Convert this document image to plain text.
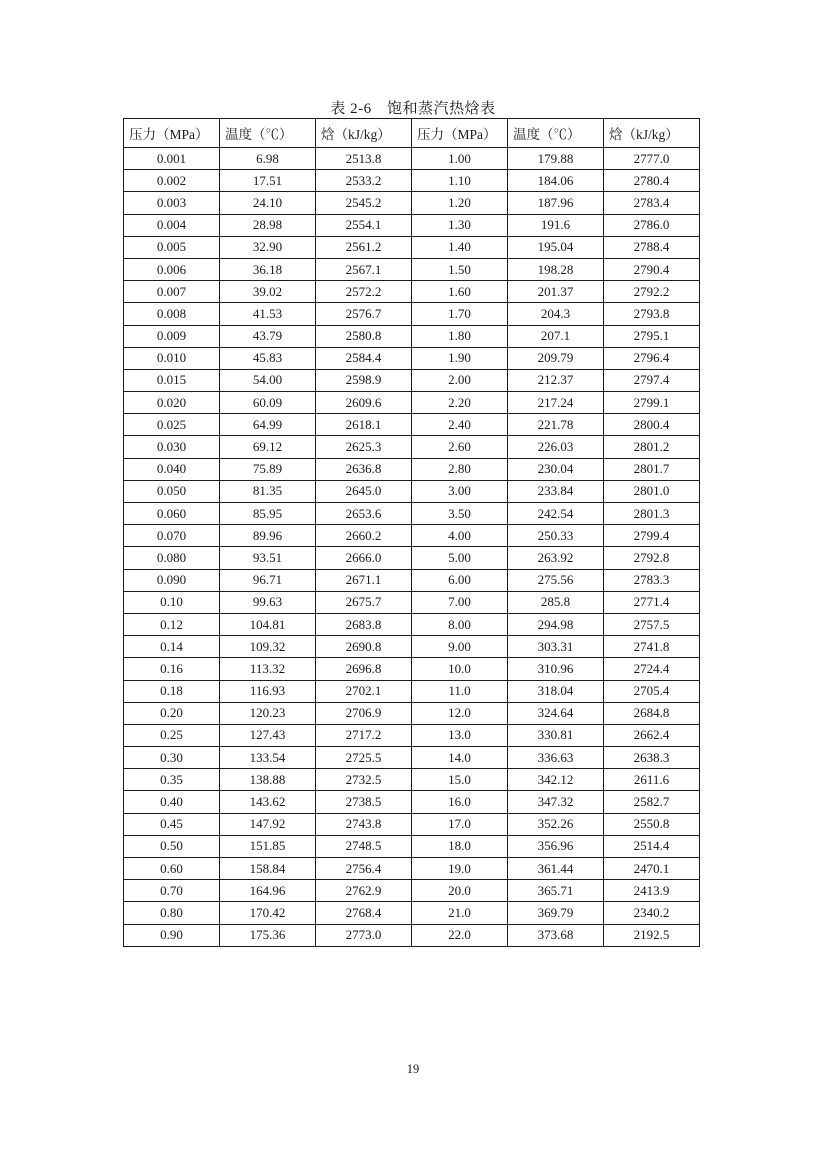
表 2-6　饱和蒸汽热焓表
压力（MPa）	温度（℃）	焓（kJ/kg）	压力（MPa）	温度（℃）	焓（kJ/kg）
0.001	6.98	2513.8	1.00	179.88	2777.0
0.002	17.51	2533.2	1.10	184.06	2780.4
0.003	24.10	2545.2	1.20	187.96	2783.4
0.004	28.98	2554.1	1.30	191.6	2786.0
0.005	32.90	2561.2	1.40	195.04	2788.4
0.006	36.18	2567.1	1.50	198.28	2790.4
0.007	39.02	2572.2	1.60	201.37	2792.2
0.008	41.53	2576.7	1.70	204.3	2793.8
0.009	43.79	2580.8	1.80	207.1	2795.1
0.010	45.83	2584.4	1.90	209.79	2796.4
0.015	54.00	2598.9	2.00	212.37	2797.4
0.020	60.09	2609.6	2.20	217.24	2799.1
0.025	64.99	2618.1	2.40	221.78	2800.4
0.030	69.12	2625.3	2.60	226.03	2801.2
0.040	75.89	2636.8	2.80	230.04	2801.7
0.050	81.35	2645.0	3.00	233.84	2801.0
0.060	85.95	2653.6	3.50	242.54	2801.3
0.070	89.96	2660.2	4.00	250.33	2799.4
0.080	93.51	2666.0	5.00	263.92	2792.8
0.090	96.71	2671.1	6.00	275.56	2783.3
0.10	99.63	2675.7	7.00	285.8	2771.4
0.12	104.81	2683.8	8.00	294.98	2757.5
0.14	109.32	2690.8	9.00	303.31	2741.8
0.16	113.32	2696.8	10.0	310.96	2724.4
0.18	116.93	2702.1	11.0	318.04	2705.4
0.20	120.23	2706.9	12.0	324.64	2684.8
0.25	127.43	2717.2	13.0	330.81	2662.4
0.30	133.54	2725.5	14.0	336.63	2638.3
0.35	138.88	2732.5	15.0	342.12	2611.6
0.40	143.62	2738.5	16.0	347.32	2582.7
0.45	147.92	2743.8	17.0	352.26	2550.8
0.50	151.85	2748.5	18.0	356.96	2514.4
0.60	158.84	2756.4	19.0	361.44	2470.1
0.70	164.96	2762.9	20.0	365.71	2413.9
0.80	170.42	2768.4	21.0	369.79	2340.2
0.90	175.36	2773.0	22.0	373.68	2192.5
19
